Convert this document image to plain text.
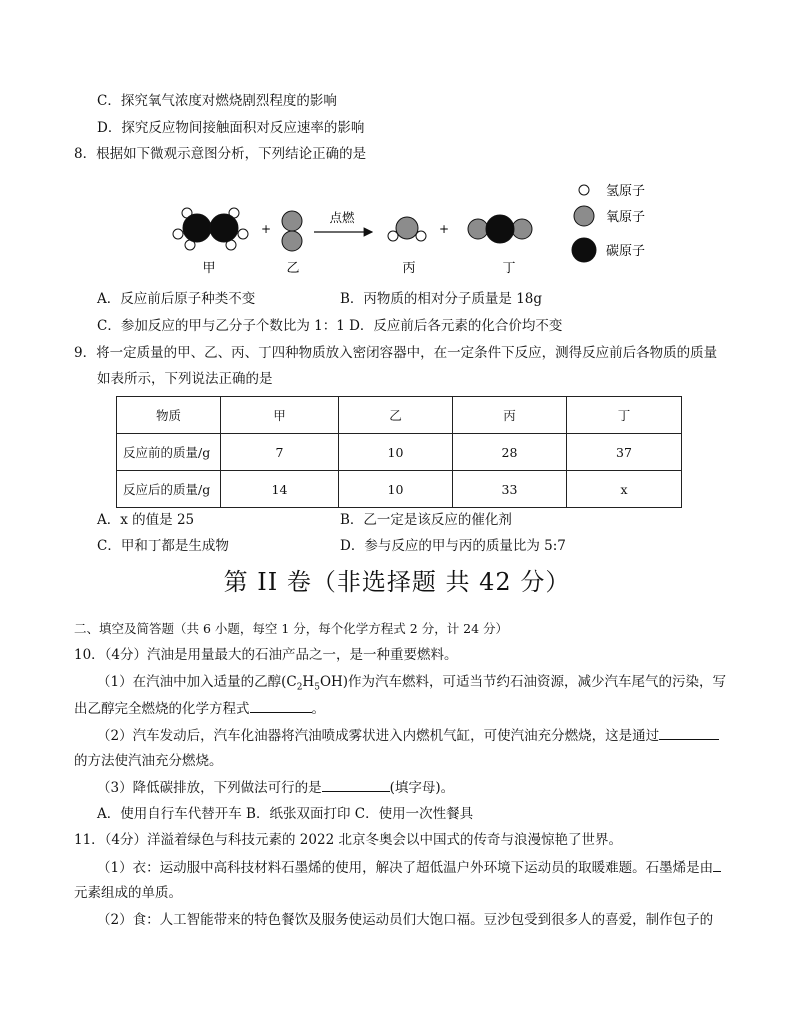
C．探究氧气浓度对燃烧剧烈程度的影响
D．探究反应物间接触面积对反应速率的影响
8．根据如下微观示意图分析，下列结论正确的是
+
点燃
+
甲	乙	丙	丁
氢原子
氧原子
碳原子
A．反应前后原子种类不变	B．丙物质的相对分子质量是 18g
C．参加反应的甲与乙分子个数比为 1：1 D．反应前后各元素的化合价均不变
9．将一定质量的甲、乙、丙、丁四种物质放入密闭容器中，在一定条件下反应，测得反应前后各物质的质量
如表所示，下列说法正确的是
物质	甲	乙	丙	丁
反应前的质量/g	7	10	28	37
反应后的质量/g	14	10	33	x
A．x 的值是 25	B．乙一定是该反应的催化剂
C．甲和丁都是生成物	D．参与反应的甲与丙的质量比为 5:7
第 II 卷（非选择题 共 42 分）
二、填空及简答题（共 6 小题，每空 1 分，每个化学方程式 2 分，计 24 分）
10．（4分）汽油是用量最大的石油产品之一，是一种重要燃料。
（1）在汽油中加入适量的乙醇$(C_2H_5OH)$作为汽车燃料，可适当节约石油资源，减少汽车尾气的污染，写
出乙醇完全燃烧的化学方程式	。
（2）汽车发动后，汽车化油器将汽油喷成雾状进入内燃机气缸，可使汽油充分燃烧，这是通过
的方法使汽油充分燃烧。
（3）降低碳排放，下列做法可行的是	(填字母)。
A．使用自行车代替开车 B．纸张双面打印 C．使用一次性餐具
11．（4分）洋溢着绿色与科技元素的 2022 北京冬奥会以中国式的传奇与浪漫惊艳了世界。
（1）衣：运动服中高科技材料石墨烯的使用，解决了超低温户外环境下运动员的取暖难题。石墨烯是由
元素组成的单质。
（2）食：人工智能带来的特色餐饮及服务使运动员们大饱口福。豆沙包受到很多人的喜爱，制作包子的
